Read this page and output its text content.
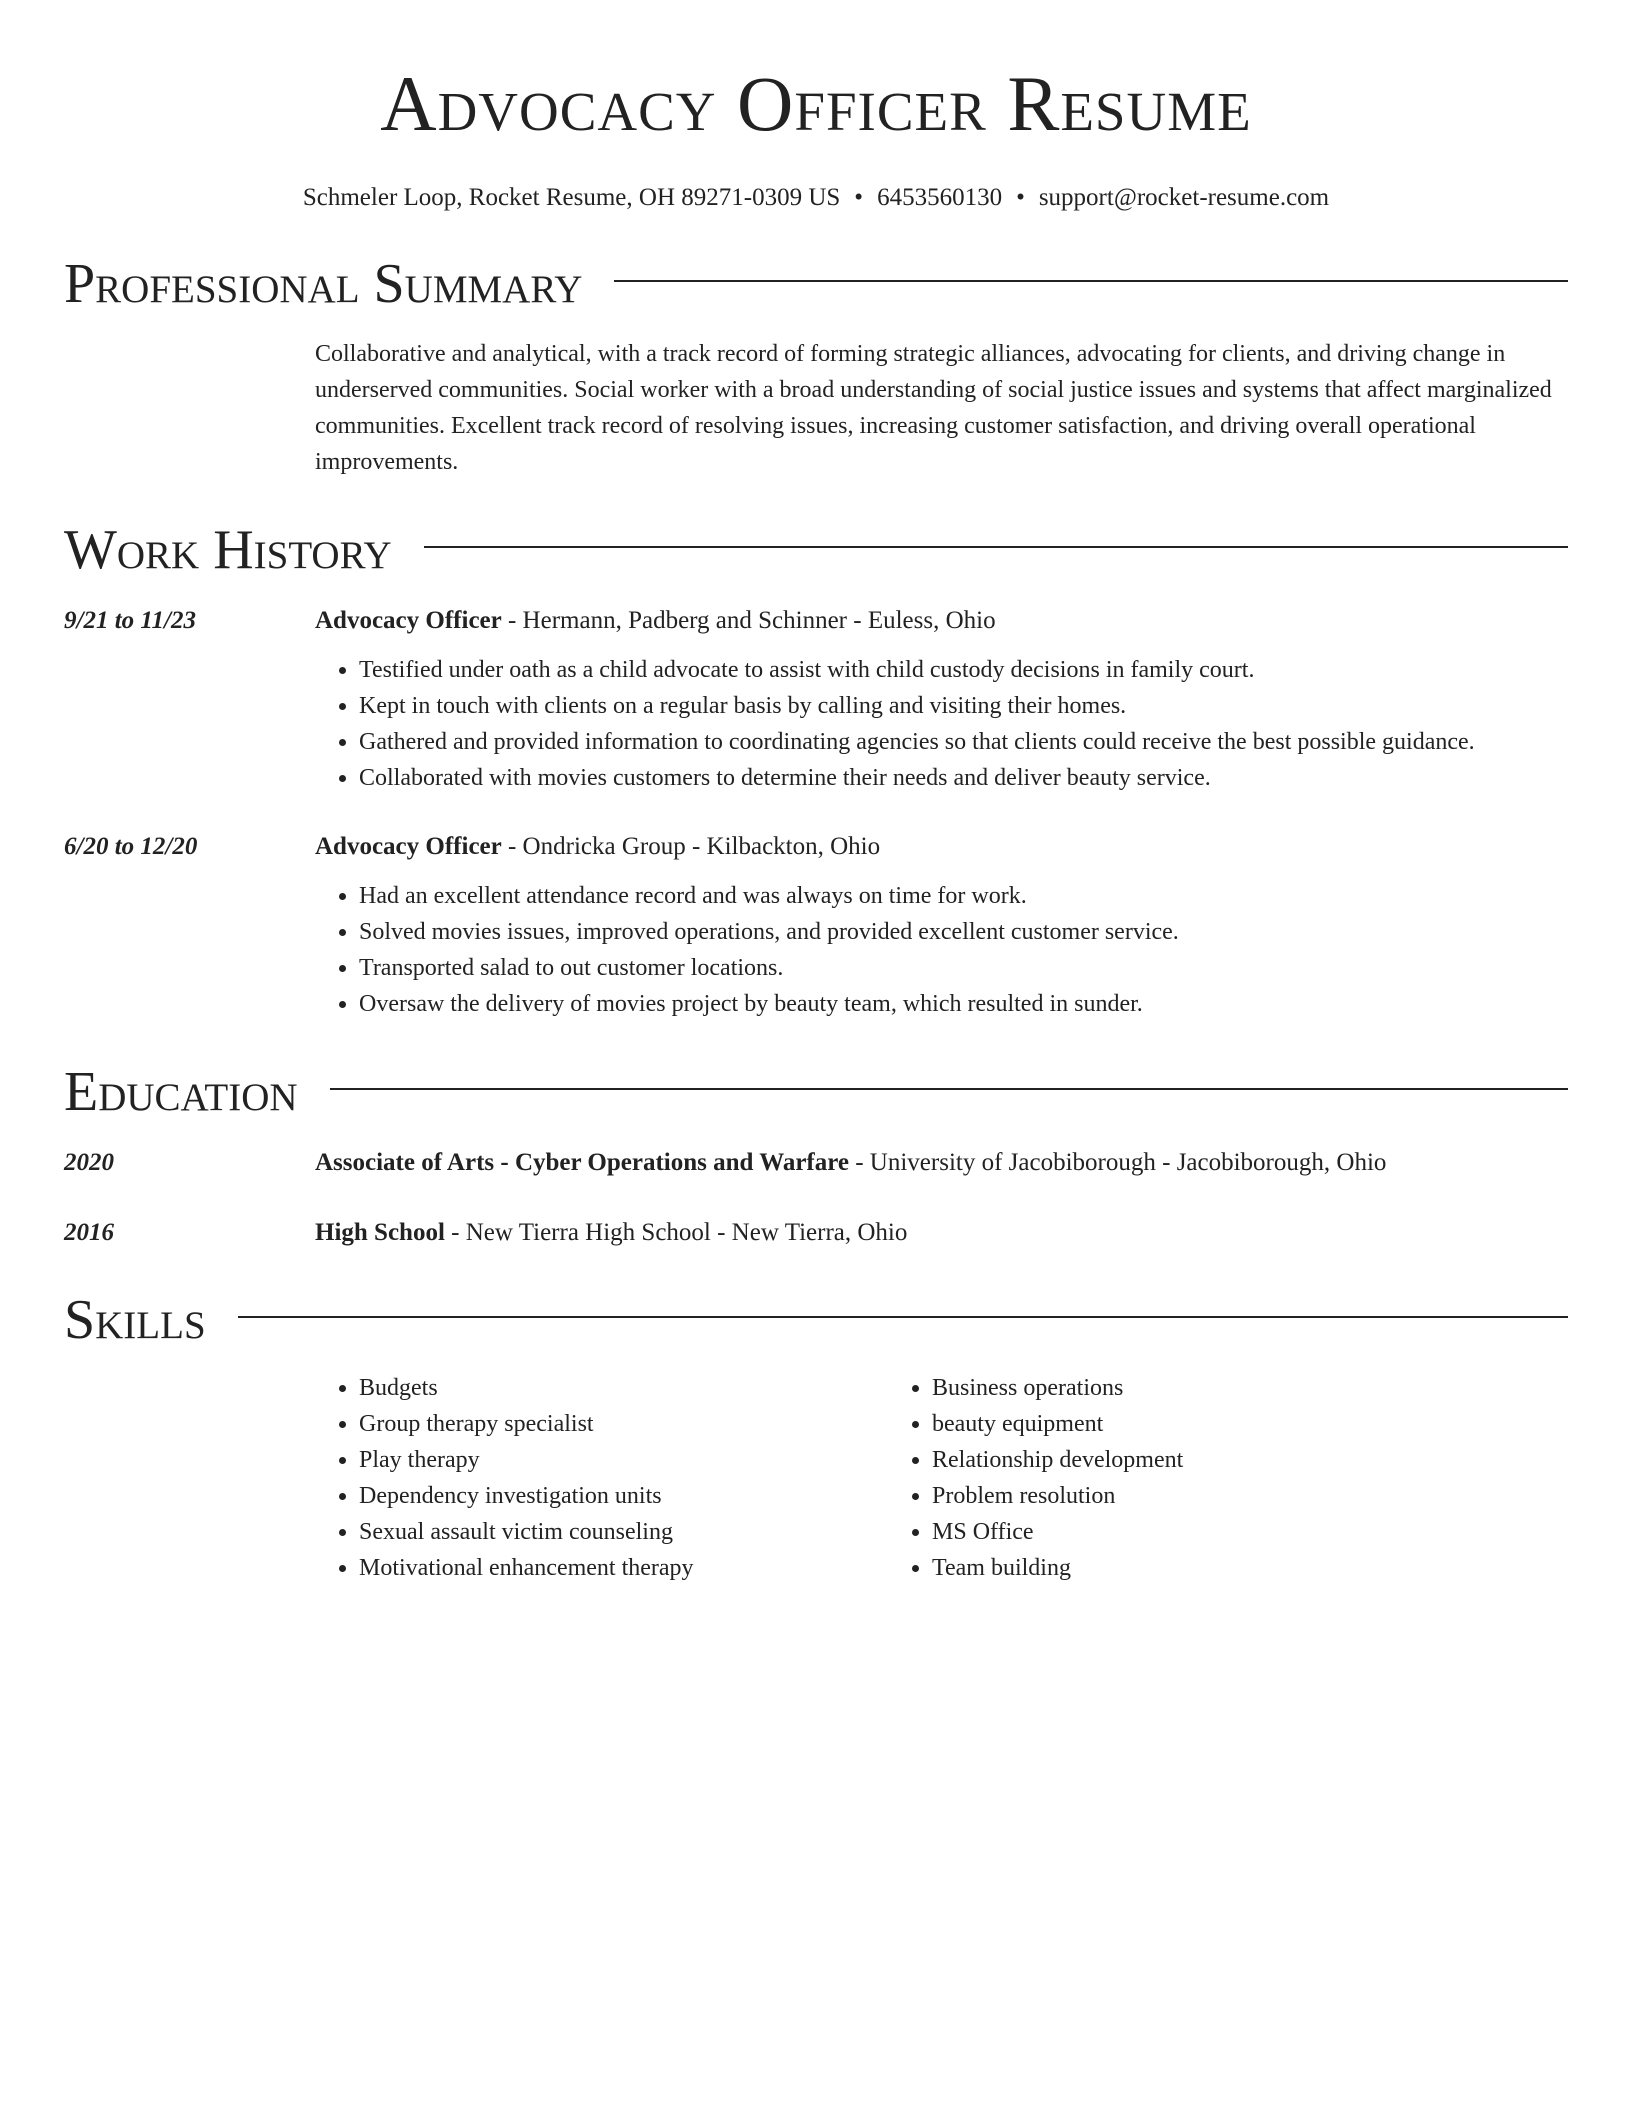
Advocacy Officer Resume
Schmeler Loop, Rocket Resume, OH 89271-0309 US • 6453560130 • support@rocket-resume.com
Professional Summary
Collaborative and analytical, with a track record of forming strategic alliances, advocating for clients, and driving change in underserved communities. Social worker with a broad understanding of social justice issues and systems that affect marginalized communities. Excellent track record of resolving issues, increasing customer satisfaction, and driving overall operational improvements.
Work History
9/21 to 11/23	Advocacy Officer - Hermann, Padberg and Schinner - Euless, Ohio
• Testified under oath as a child advocate to assist with child custody decisions in family court.
• Kept in touch with clients on a regular basis by calling and visiting their homes.
• Gathered and provided information to coordinating agencies so that clients could receive the best possible guidance.
• Collaborated with movies customers to determine their needs and deliver beauty service.
6/20 to 12/20	Advocacy Officer - Ondricka Group - Kilbackton, Ohio
• Had an excellent attendance record and was always on time for work.
• Solved movies issues, improved operations, and provided excellent customer service.
• Transported salad to out customer locations.
• Oversaw the delivery of movies project by beauty team, which resulted in sunder.
Education
2020	Associate of Arts - Cyber Operations and Warfare - University of Jacobiborough - Jacobiborough, Ohio
2016	High School - New Tierra High School - New Tierra, Ohio
Skills
• Budgets
• Group therapy specialist
• Play therapy
• Dependency investigation units
• Sexual assault victim counseling
• Motivational enhancement therapy
• Business operations
• beauty equipment
• Relationship development
• Problem resolution
• MS Office
• Team building
